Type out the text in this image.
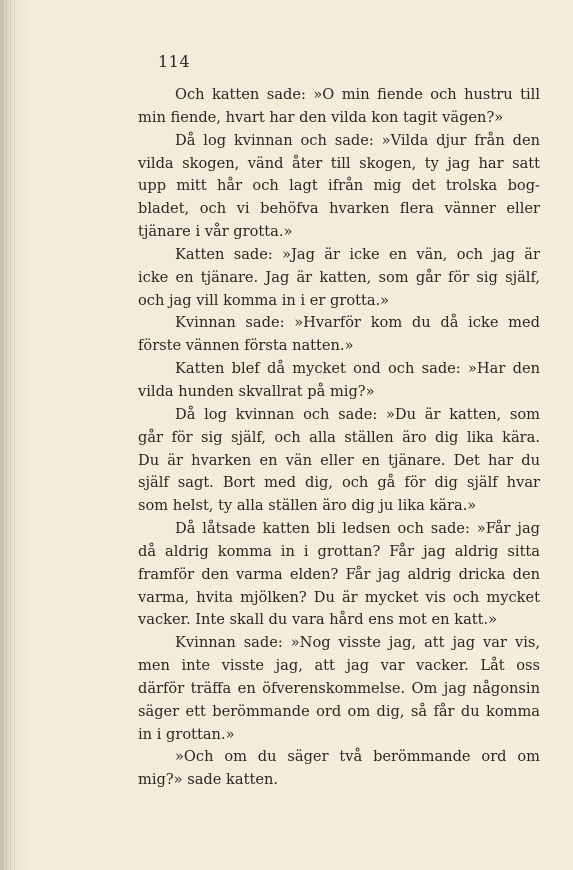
114
Och katten sade: »O min fiende och hustru till
min fiende, hvart har den vilda kon tagit vägen?»
Då log kvinnan och sade: »Vilda djur från den
vilda skogen, vänd åter till skogen, ty jag har satt
upp mitt hår och lagt ifrån mig det trolska bog-
bladet, och vi behöfva hvarken flera vänner eller
tjänare i vår grotta.»
Katten sade: »Jag är icke en vän, och jag är
icke en tjänare. Jag är katten, som går för sig själf,
och jag vill komma in i er grotta.»
Kvinnan sade: »Hvarför kom du då icke med
förste vännen första natten.»
Katten blef då mycket ond och sade: »Har den
vilda hunden skvallrat på mig?»
Då log kvinnan och sade: »Du är katten, som
går för sig själf, och alla ställen äro dig lika kära.
Du är hvarken en vän eller en tjänare. Det har du
själf sagt. Bort med dig, och gå för dig själf hvar
som helst, ty alla ställen äro dig ju lika kära.»
Då låtsade katten bli ledsen och sade: »Får jag
då aldrig komma in i grottan? Får jag aldrig sitta
framför den varma elden? Får jag aldrig dricka den
varma, hvita mjölken? Du är mycket vis och mycket
vacker. Inte skall du vara hård ens mot en katt.»
Kvinnan sade: »Nog visste jag, att jag var vis,
men inte visste jag, att jag var vacker. Låt oss
därför träffa en öfverenskommelse. Om jag någonsin
säger ett berömmande ord om dig, så får du komma
in i grottan.»
»Och om du säger två berömmande ord om
mig?» sade katten.
